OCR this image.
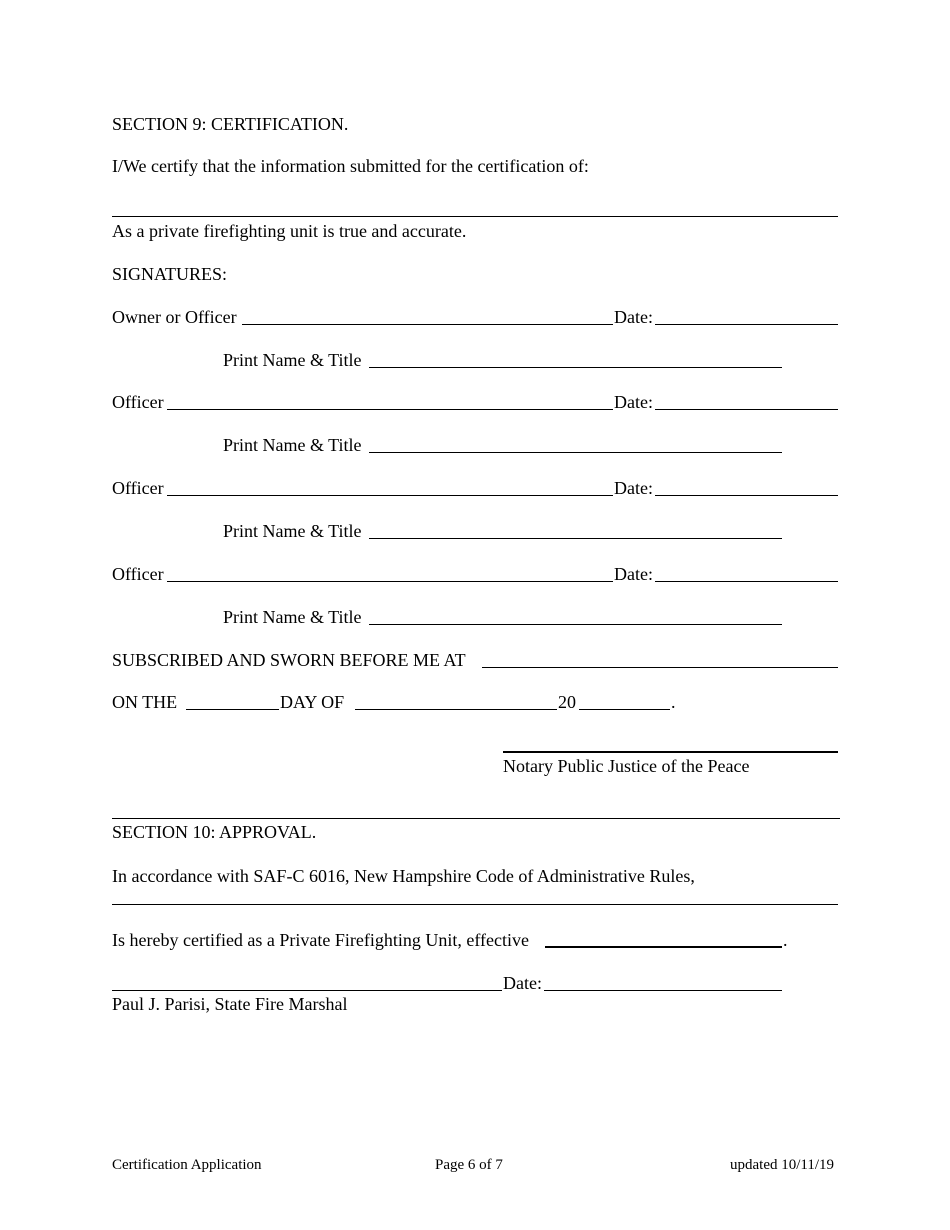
SECTION 9: CERTIFICATION.
I/We certify that the information submitted for the certification of:
As a private firefighting unit is true and accurate.
SIGNATURES:
Owner or Officer	Date:
Print Name & Title
Officer	Date:
Print Name & Title
Officer	Date:
Print Name & Title
Officer	Date:
Print Name & Title
SUBSCRIBED AND SWORN BEFORE ME AT
ON THE	DAY OF	20	.
Notary Public Justice of the Peace
SECTION 10: APPROVAL.
In accordance with SAF-C 6016, New Hampshire Code of Administrative Rules,
Is hereby certified as a Private Firefighting Unit, effective	.
Date:
Paul J. Parisi, State Fire Marshal
Certification Application	Page 6 of 7	updated 10/11/19
